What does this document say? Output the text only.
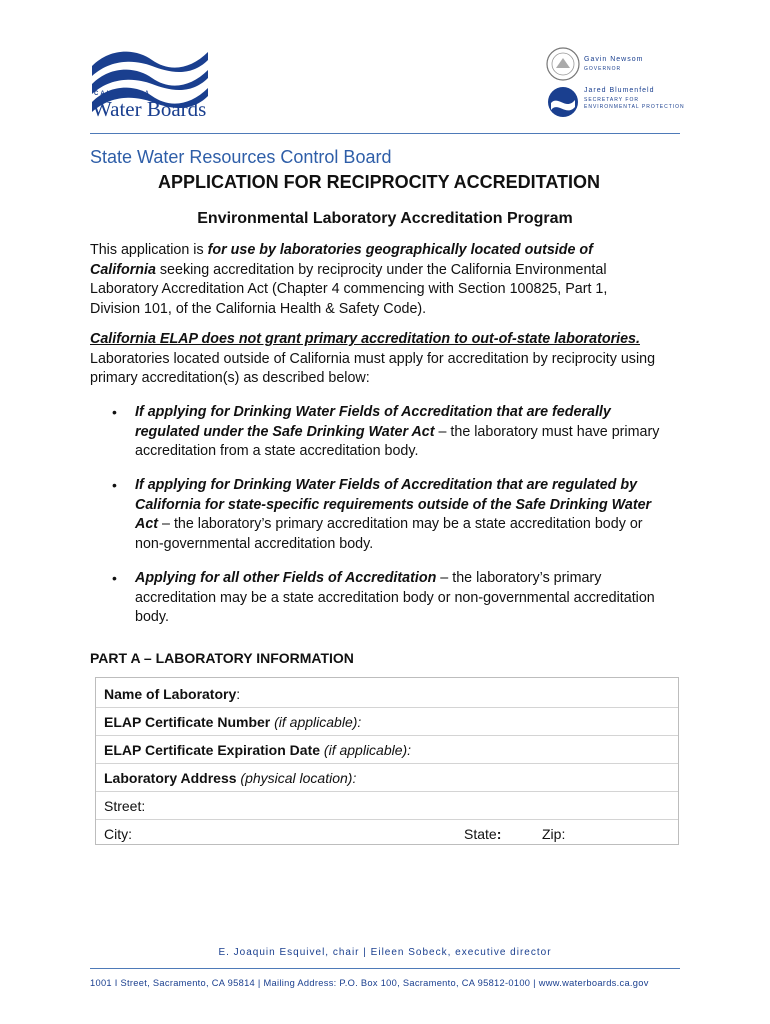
CALIFORNIA
Water Boards
Gavin Newsom
GOVERNOR
Jared Blumenfeld
SECRETARY FOR
ENVIRONMENTAL PROTECTION
State Water Resources Control Board
APPLICATION FOR RECIPROCITY ACCREDITATION
Environmental Laboratory Accreditation Program
This application is for use by laboratories geographically located outside of California seeking accreditation by reciprocity under the California Environmental Laboratory Accreditation Act (Chapter 4 commencing with Section 100825, Part 1, Division 101, of the California Health & Safety Code).
California ELAP does not grant primary accreditation to out-of-state laboratories.
Laboratories located outside of California must apply for accreditation by reciprocity using primary accreditation(s) as described below:
• If applying for Drinking Water Fields of Accreditation that are federally regulated under the Safe Drinking Water Act – the laboratory must have primary accreditation from a state accreditation body.
• If applying for Drinking Water Fields of Accreditation that are regulated by California for state-specific requirements outside of the Safe Drinking Water Act – the laboratory’s primary accreditation may be a state accreditation body or non-governmental accreditation body.
• Applying for all other Fields of Accreditation – the laboratory’s primary accreditation may be a state accreditation body or non-governmental accreditation body.
PART A – LABORATORY INFORMATION
Name of Laboratory:
ELAP Certificate Number (if applicable):
ELAP Certificate Expiration Date (if applicable):
Laboratory Address (physical location):
Street:
City:	State:	Zip:
E. Joaquin Esquivel, chair | Eileen Sobeck, executive director
1001 I Street, Sacramento, CA 95814 | Mailing Address: P.O. Box 100, Sacramento, CA 95812-0100 | www.waterboards.ca.gov
